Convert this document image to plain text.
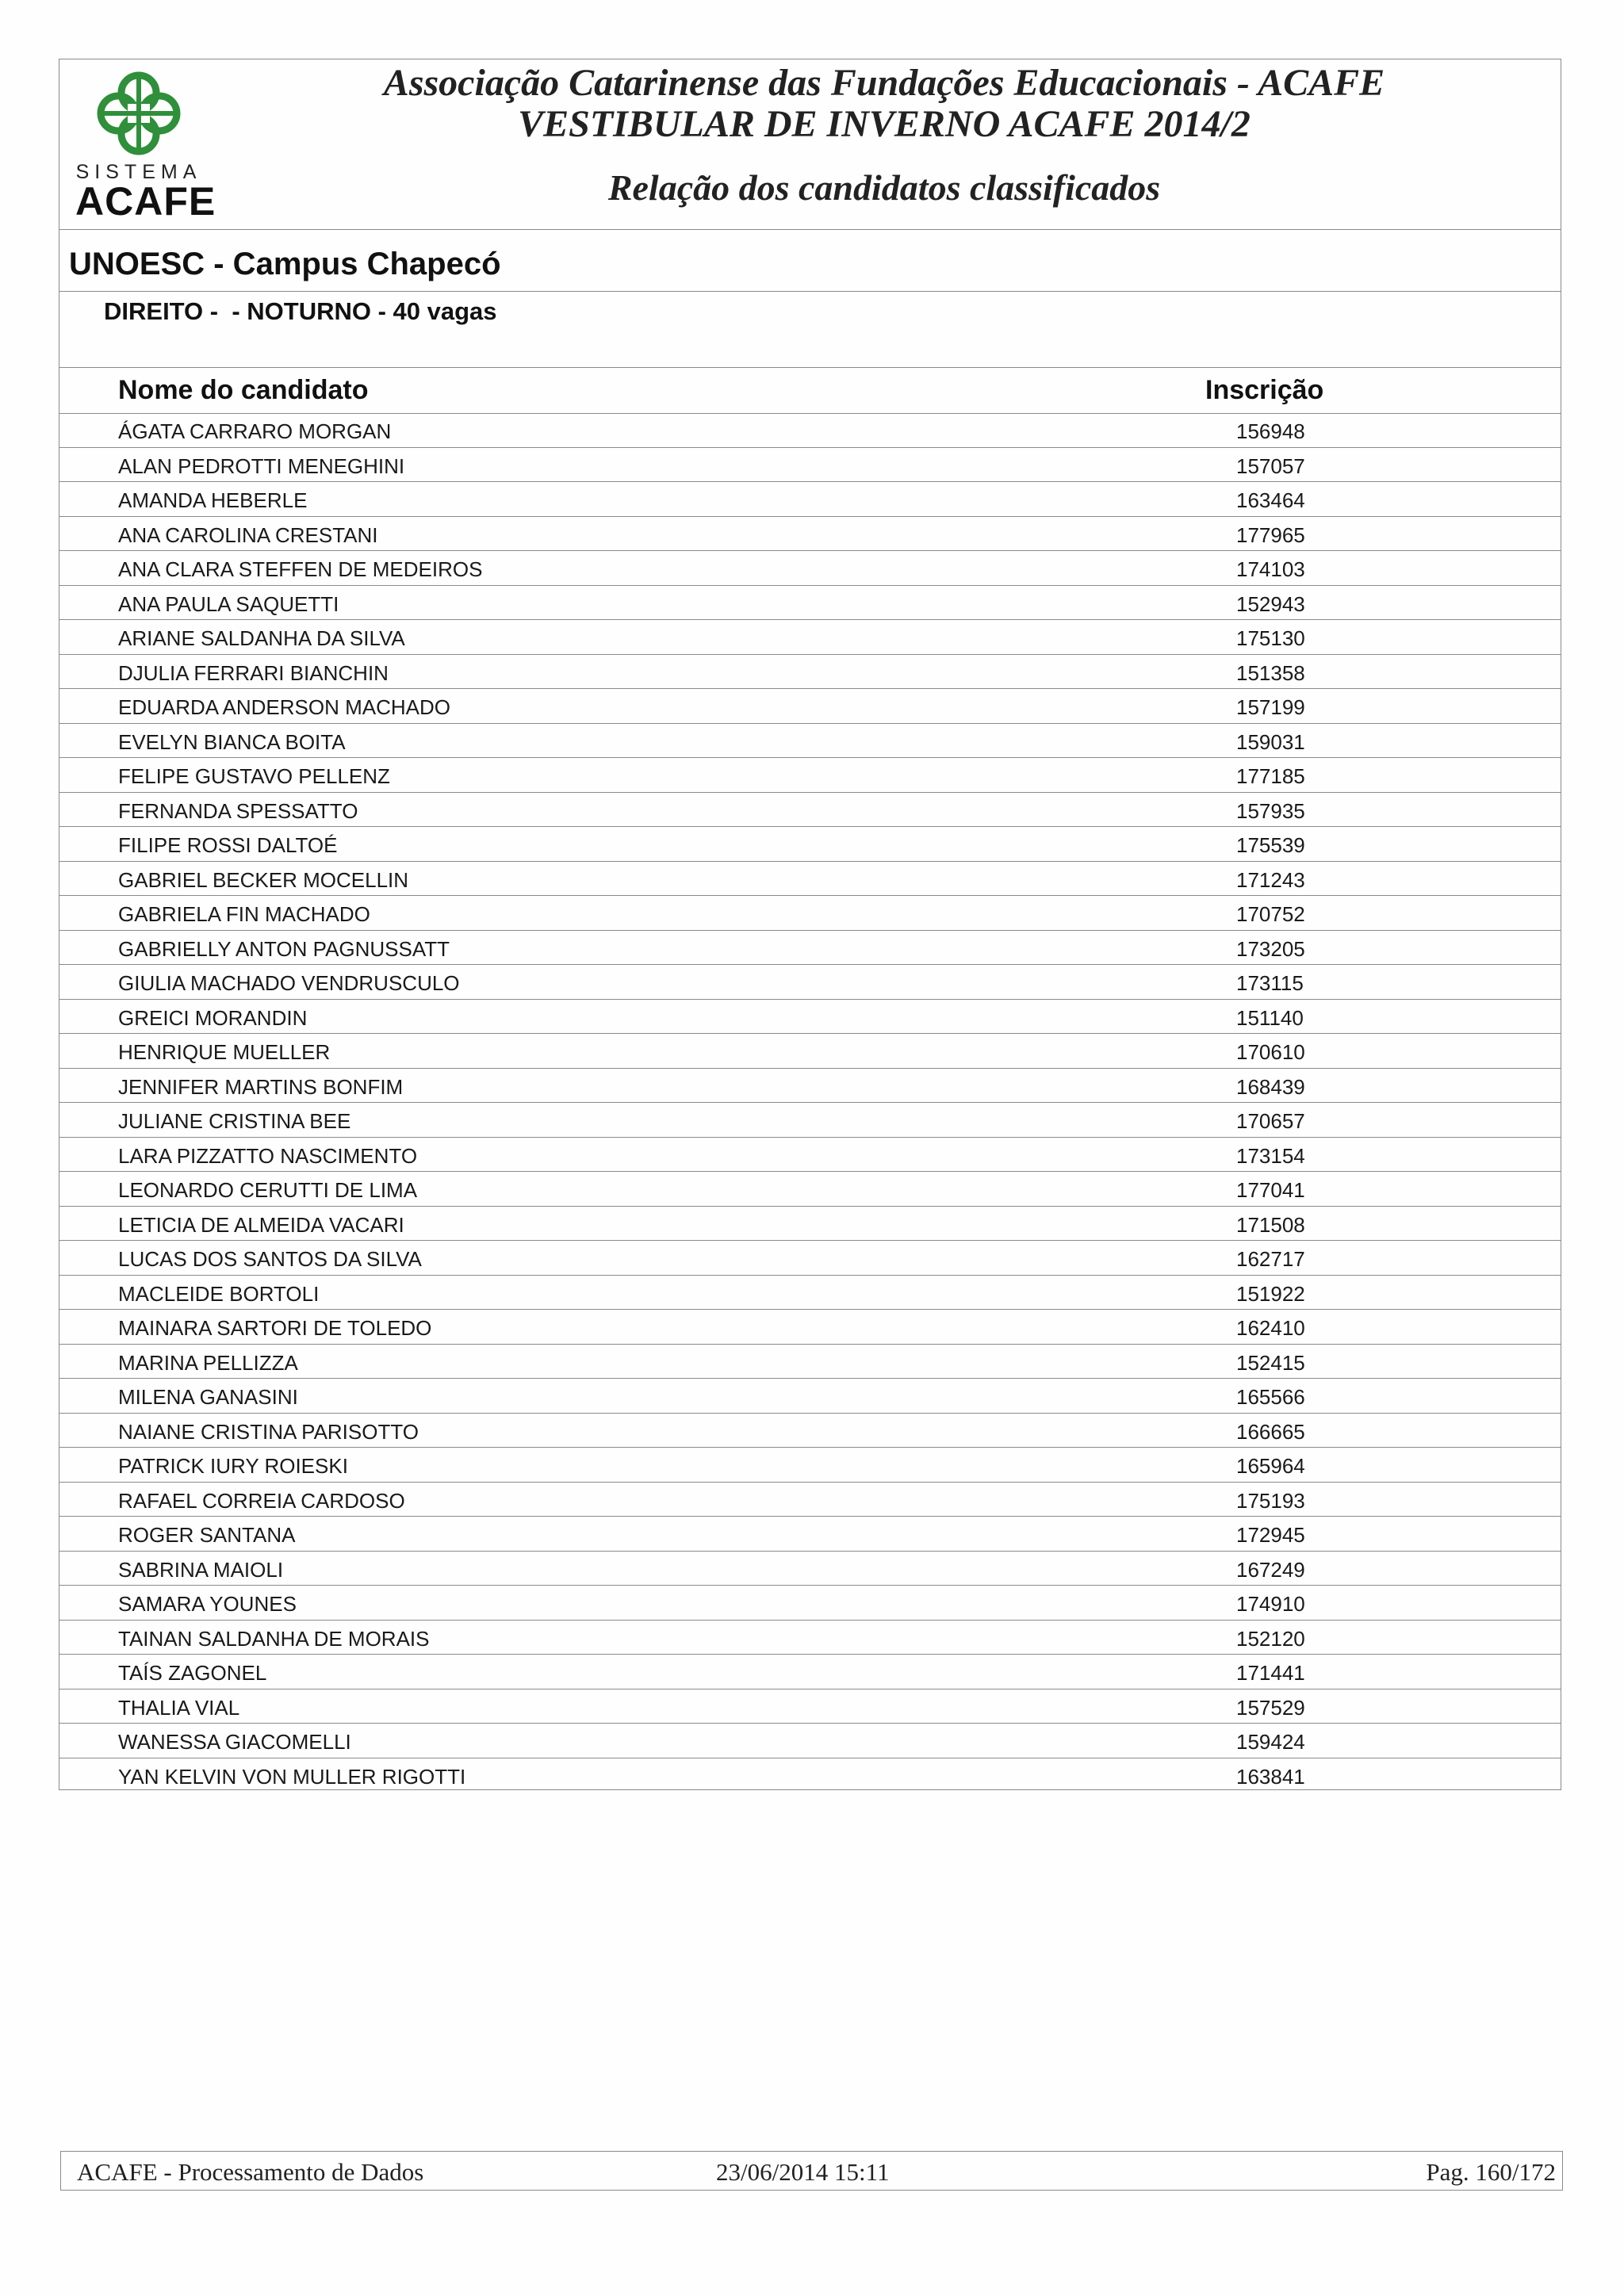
SISTEMA
ACAFE
Associação Catarinense das Fundações Educacionais - ACAFE
VESTIBULAR DE INVERNO ACAFE 2014/2
Relação dos candidatos classificados
UNOESC - Campus Chapecó
DIREITO -  - NOTURNO - 40 vagas
Nome do candidato	Inscrição
ÁGATA CARRARO MORGAN	156948
ALAN PEDROTTI MENEGHINI	157057
AMANDA HEBERLE	163464
ANA CAROLINA CRESTANI	177965
ANA CLARA STEFFEN DE MEDEIROS	174103
ANA PAULA SAQUETTI	152943
ARIANE SALDANHA DA SILVA	175130
DJULIA FERRARI BIANCHIN	151358
EDUARDA ANDERSON MACHADO	157199
EVELYN BIANCA BOITA	159031
FELIPE GUSTAVO PELLENZ	177185
FERNANDA SPESSATTO	157935
FILIPE ROSSI DALTOÉ	175539
GABRIEL BECKER MOCELLIN	171243
GABRIELA FIN MACHADO	170752
GABRIELLY ANTON PAGNUSSATT	173205
GIULIA MACHADO VENDRUSCULO	173115
GREICI MORANDIN	151140
HENRIQUE MUELLER	170610
JENNIFER MARTINS BONFIM	168439
JULIANE CRISTINA BEE	170657
LARA PIZZATTO NASCIMENTO	173154
LEONARDO CERUTTI DE LIMA	177041
LETICIA DE ALMEIDA VACARI	171508
LUCAS DOS SANTOS DA SILVA	162717
MACLEIDE BORTOLI	151922
MAINARA SARTORI DE TOLEDO	162410
MARINA PELLIZZA	152415
MILENA GANASINI	165566
NAIANE CRISTINA PARISOTTO	166665
PATRICK IURY ROIESKI	165964
RAFAEL CORREIA CARDOSO	175193
ROGER SANTANA	172945
SABRINA MAIOLI	167249
SAMARA YOUNES	174910
TAINAN SALDANHA DE MORAIS	152120
TAÍS ZAGONEL	171441
THALIA VIAL	157529
WANESSA GIACOMELLI	159424
YAN KELVIN VON MULLER RIGOTTI	163841
ACAFE - Processamento de Dados	23/06/2014 15:11	Pag. 160/172
